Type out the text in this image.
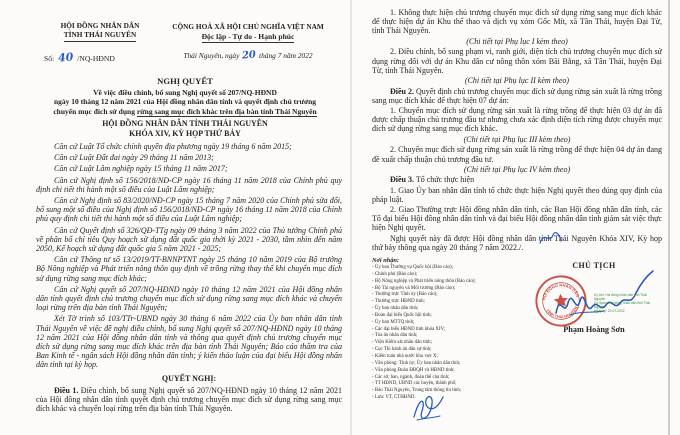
HỘI ĐỒNG NHÂN DÂN
TỈNH THÁI NGUYÊN
Số: 40 /NQ-HĐND
CỘNG HOÀ XÃ HỘI CHỦ NGHĨA VIỆT NAM
Độc lập - Tự do - Hạnh phúc
Thái Nguyên, ngày 20 tháng 7 năm 2022
NGHỊ QUYẾT
Về việc điều chỉnh, bổ sung Nghị quyết số 207/NQ-HĐND
ngày 10 tháng 12 năm 2021 của Hội đồng nhân dân tỉnh và quyết định chủ trương
chuyển mục đích sử dụng rừng sang mục đích khác trên địa bàn tỉnh Thái Nguyên
HỘI ĐỒNG NHÂN DÂN TỈNH THÁI NGUYÊN
KHÓA XIV, KỲ HỌP THỨ BẢY

Căn cứ Luật Tổ chức chính quyền địa phương ngày 19 tháng 6 năm 2015;

Căn cứ Luật Đất đai ngày 29 tháng 11 năm 2013;

Căn cứ Luật Lâm nghiệp ngày 15 tháng 11 năm 2017;

Căn cứ Nghị định số 156/2018/NĐ-CP ngày 16 tháng 11 năm 2018 của Chính phủ quy định chi tiết thi hành một số điều của Luật Lâm nghiệp;

Căn cứ Nghị định số 83/2020/NĐ-CP ngày 15 tháng 7 năm 2020 của Chính phủ sửa đổi, bổ sung một số điều của Nghị định số 156/2018/NĐ-CP ngày 16 tháng 11 năm 2018 của Chính phủ quy định chi tiết thi hành một số điều của Luật Lâm nghiệp;

Căn cứ Quyết định số 326/QĐ-TTg ngày 09 tháng 3 năm 2022 của Thủ tướng Chính phủ về phân bổ chỉ tiêu Quy hoạch sử dụng đất quốc gia thời kỳ 2021 - 2030, tầm nhìn đến năm 2050, Kế hoạch sử dụng đất quốc gia 5 năm 2021 - 2025;

Căn cứ Thông tư số 13/2019/TT-BNNPTNT ngày 25 tháng 10 năm 2019 của Bộ trưởng Bộ Nông nghiệp và Phát triển nông thôn quy định về trồng rừng thay thế khi chuyển mục đích sử dụng rừng sang mục đích khác;

Căn cứ Nghị quyết số 207/NQ-HĐND ngày 10 tháng 12 năm 2021 của Hội đồng nhân dân tỉnh quyết định chủ trương chuyển mục đích sử dụng rừng sang mục đích khác và chuyển loại rừng trên địa bàn tỉnh Thái Nguyên;

Xét Tờ trình số 103/TTr-UBND ngày 30 tháng 6 năm 2022 của Ủy ban nhân dân tỉnh Thái Nguyên về việc đề nghị điều chỉnh, bổ sung Nghị quyết số 207/NQ-HĐND ngày 10 tháng 12 năm 2021 của Hội đồng nhân dân tỉnh và thông qua quyết định chủ trương chuyển mục đích sử dụng rừng sang mục đích khác trên địa bàn tỉnh Thái Nguyên; Báo cáo thẩm tra của Ban Kinh tế - ngân sách Hội đồng nhân dân tỉnh; ý kiến thảo luận của đại biểu Hội đồng nhân dân tỉnh tại kỳ họp.

QUYẾT NGHỊ:

Điều 1. Điều chỉnh, bổ sung Nghị quyết số 207/NQ-HĐND ngày 10 tháng 12 năm 2021 của Hội đồng nhân dân tỉnh quyết định chủ trương chuyển mục đích sử dụng rừng sang mục đích khác và chuyển loại rừng trên địa bàn tỉnh Thái Nguyên.

1. Không thực hiện chủ trương chuyển mục đích sử dụng rừng sang mục đích khác để thực hiện dự án Khu thể thao và dịch vụ xóm Gốc Mít, xã Tân Thái, huyện Đại Từ, tỉnh Thái Nguyên.

(Chi tiết tại Phụ lục I kèm theo)

2. Điều chỉnh, bổ sung phạm vi, ranh giới, diện tích chủ trương chuyển mục đích sử dụng rừng đối với dự án Khu dân cư nông thôn xóm Bãi Bằng, xã Tân Thái, huyện Đại Từ, tỉnh Thái Nguyên.

(Chi tiết tại Phụ lục II kèm theo)

Điều 2. Quyết định chủ trương chuyển mục đích sử dụng rừng sản xuất là rừng trồng sang mục đích khác để thực hiện 07 dự án:

1. Chuyển mục đích sử dụng rừng sản xuất là rừng trồng để thực hiện 03 dự án đã được chấp thuận chủ trương đầu tư nhưng chưa xác định diện tích rừng được chuyển mục đích sử dụng rừng sang mục đích khác.

(Chi tiết tại Phụ lục III kèm theo)

2. Chuyển mục đích sử dụng rừng sản xuất là rừng trồng để thực hiện 04 dự án đang đề xuất chấp thuận chủ trương đầu tư.

(Chi tiết tại Phụ lục IV kèm theo)

Điều 3. Tổ chức thực hiện

1. Giao Ủy ban nhân dân tỉnh tổ chức thực hiện Nghị quyết theo đúng quy định của pháp luật.

2. Giao Thường trực Hội đồng nhân dân tỉnh, các Ban Hội đồng nhân dân tỉnh, các Tổ đại biểu Hội đồng nhân dân tỉnh và đại biểu Hội đồng nhân dân tỉnh giám sát việc thực hiện Nghị quyết.

Nghị quyết này đã được Hội đồng nhân dân tỉnh Thái Nguyên Khóa XIV, Kỳ họp thứ bảy thông qua ngày 20 tháng 7 năm 2022./.

Nơi nhận:
- Ủy ban Thường vụ Quốc hội (Báo cáo);
- Chính phủ (Báo cáo);
- Bộ Nông nghiệp và Phát triển nông thôn (Báo cáo);
- Bộ Tài nguyên và Môi trường (Báo cáo);
- Thường trực Tỉnh ủy (Báo cáo);
- Thường trực HĐND tỉnh;
- Ủy ban nhân dân tỉnh;
- Đoàn đại biểu Quốc hội tỉnh;
- Ủy ban MTTQ tỉnh;
- Các đại biểu HĐND tỉnh khóa XIV;
- Tòa án nhân dân tỉnh;
- Viện Kiểm sát nhân dân tỉnh;
- Cục Thi hành án dân sự tỉnh;
- Kiểm toán nhà nước khu vực X;
- Văn phòng: Tỉnh ủy; Ủy ban nhân dân tỉnh;
- Văn phòng Đoàn ĐBQH và HĐND tỉnh;
- Các sở, ban, ngành, đoàn thể của tỉnh;
- TT HĐND, UBND các huyện, thành phố;
- Báo Thái Nguyên, Trung tâm thông tin tỉnh;
- Lưu: VT, CTHĐND.
CHỦ TỊCH
HỘI ĐỒNG NHÂN DÂN
TỈNH THÁI NGUYÊN
Ký bởi: Hội đồng nhân dân tỉnh Thái Nguyên
Cơ quan: Hội đồng nhân dân tỉnh Thái Nguyên
Ngày ký: 20-07-2022
Phạm Hoàng Sơn
